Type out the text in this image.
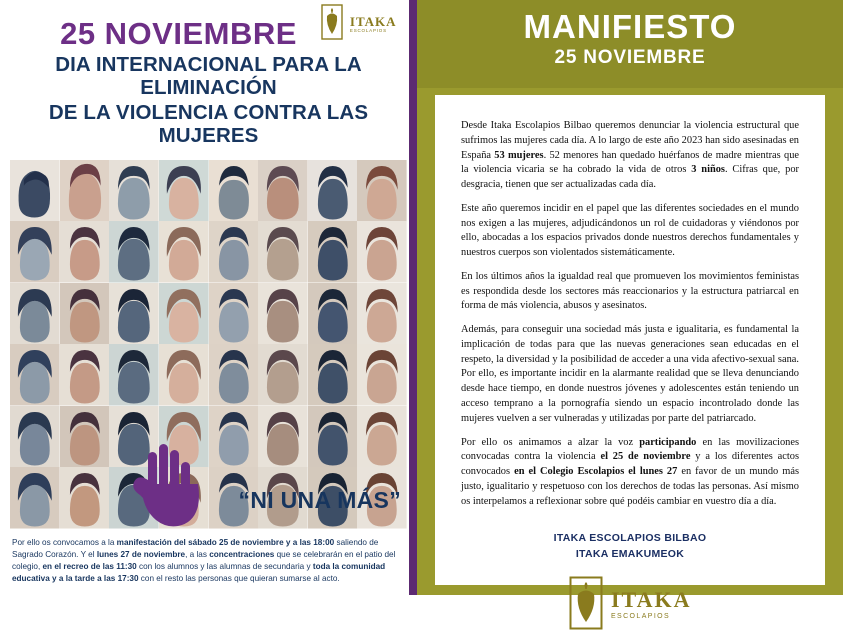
ITAKA
ESCOLAPIOS
25 NOVIEMBRE
DIA INTERNACIONAL PARA LA ELIMINACIÓN
DE LA VIOLENCIA CONTRA LAS MUJERES
“NI UNA MÁS”
Por ello os convocamos a la manifestación del sábado 25 de noviembre y a las 18:00 saliendo de Sagrado Corazón. Y el lunes 27 de noviembre, a las concentraciones que se celebrarán en el patio del colegio, en el recreo de las 11:30 con los alumnos y las alumnas de secundaria y toda la comunidad educativa y a la tarde a las 17:30 con el resto las personas que quieran sumarse al acto.
MANIFIESTO
25 NOVIEMBRE

Desde Itaka Escolapios Bilbao queremos denunciar la violencia estructural que sufrimos las mujeres cada día. A lo largo de este año 2023 han sido asesinadas en España 53 mujeres. 52 menores han quedado huérfanos de madre mientras que la violencia vicaria se ha cobrado la vida de otros 3 niños. Cifras que, por desgracia, tienen que ser actualizadas cada día.

Este año queremos incidir en el papel que las diferentes sociedades en el mundo nos exigen a las mujeres, adjudicándonos un rol de cuidadoras y viéndonos por ello, abocadas a los espacios privados donde nuestros derechos fundamentales y nuestros cuerpos son violentados sistemáticamente.

En los últimos años la igualdad real que promueven los movimientos feministas es respondida desde los sectores más reaccionarios y la estructura patriarcal en forma de más violencia, abusos y asesinatos.

Además, para conseguir una sociedad más justa e igualitaria, es fundamental la implicación de todas para que las nuevas generaciones sean educadas en el respeto, la diversidad y la posibilidad de acceder a una vida afectivo-sexual sana. Por ello, es importante incidir en la alarmante realidad que se lleva denunciando desde hace tiempo, en donde nuestros jóvenes y adolescentes están teniendo un acceso temprano a la pornografía siendo un espacio incontrolado donde las mujeres vuelven a ser vulneradas y utilizadas por parte del patriarcado.

Por ello os animamos a alzar la voz participando en las movilizaciones convocadas contra la violencia el 25 de noviembre y a los diferentes actos convocados en el Colegio Escolapios el lunes 27 en favor de un mundo más justo, igualitario y respetuoso con los derechos de todas las personas. Así mismo os interpelamos a reflexionar sobre qué podéis cambiar en vuestro día a día.

ITAKA ESCOLAPIOS BILBAO
ITAKA EMAKUMEOK

ITAKA
ESCOLAPIOS
